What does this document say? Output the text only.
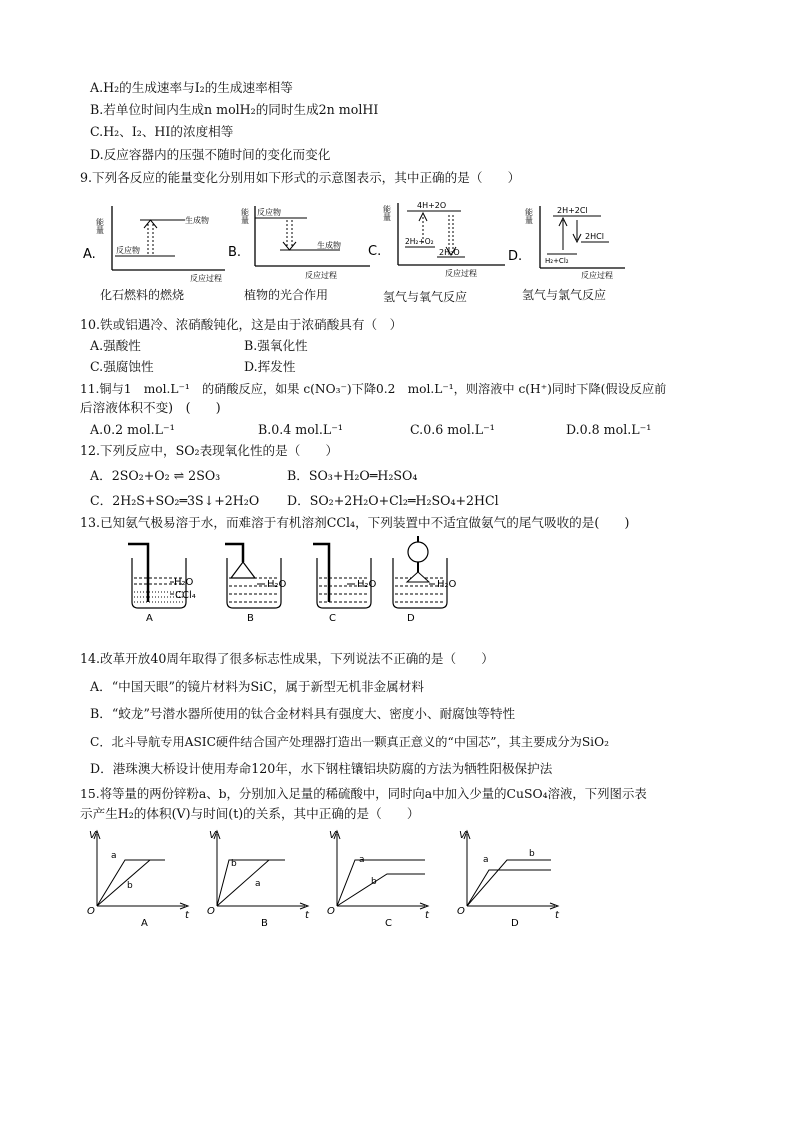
A.H₂的生成速率与I₂的生成速率相等
B.若单位时间内生成n molH₂的同时生成2n molHI
C.H₂、I₂、HI的浓度相等
D.反应容器内的压强不随时间的变化而变化
9.下列各反应的能量变化分别用如下形式的示意图表示，其中正确的是（　　）
A.
能量	生成物
反应物
反应过程
化石燃料的燃烧
B.
能量 反应物
生成物
反应过程
植物的光合作用
C.
能量	4H+2O
2H₂+O₂
2H₂O
反应过程
氢气与氧气反应
D.
能量	2H+2Cl
2HCl
H₂+Cl₂
反应过程
氢气与氯气反应
10.铁或铝遇冷、浓硝酸钝化，这是由于浓硝酸具有（　）
A.强酸性	B.强氧化性
C.强腐蚀性	D.挥发性
11.铜与1　mol.L⁻¹　的硝酸反应，如果 c(NO₃⁻)下降0.2　mol.L⁻¹，则溶液中 c(H⁺)同时下降(假设反应前
后溶液体积不变)　(　　)
A.0.2 mol.L⁻¹	B.0.4 mol.L⁻¹	C.0.6 mol.L⁻¹	D.0.8 mol.L⁻¹
12.下列反应中，SO₂表现氧化性的是（　　）
A．2SO₂+O₂ ⇌ 2SO₃	B．SO₃+H₂O═H₂SO₄
C．2H₂S+SO₂═3S↓+2H₂O D．SO₂+2H₂O+Cl₂═H₂SO₄+2HCl
13.已知氨气极易溶于水，而难溶于有机溶剂CCl₄，下列装置中不适宜做氨气的尾气吸收的是(　　)
H₂O
CCl₄
A
H₂O
B
H₂O
C
H₂O
D
14.改革开放40周年取得了很多标志性成果，下列说法不正确的是（　　）
A．“中国天眼”的镜片材料为SiC，属于新型无机非金属材料
B．“蛟龙”号潜水器所使用的钛合金材料具有强度大、密度小、耐腐蚀等特性
C．北斗导航专用ASIC硬件结合国产处理器打造出一颗真正意义的“中国芯”，其主要成分为SiO₂
D．港珠澳大桥设计使用寿命120年，水下钢柱镶铝块防腐的方法为牺牲阳极保护法
15.将等量的两份锌粉a、b，分别加入足量的稀硫酸中，同时向a中加入少量的CuSO₄溶液，下列图示表
示产生H₂的体积(V)与时间(t)的关系，其中正确的是（　　）
V
O	t
a
b
A
V
O	t
b
a
B
V
O	t
a
b
C
V
O	t
a
b
D
